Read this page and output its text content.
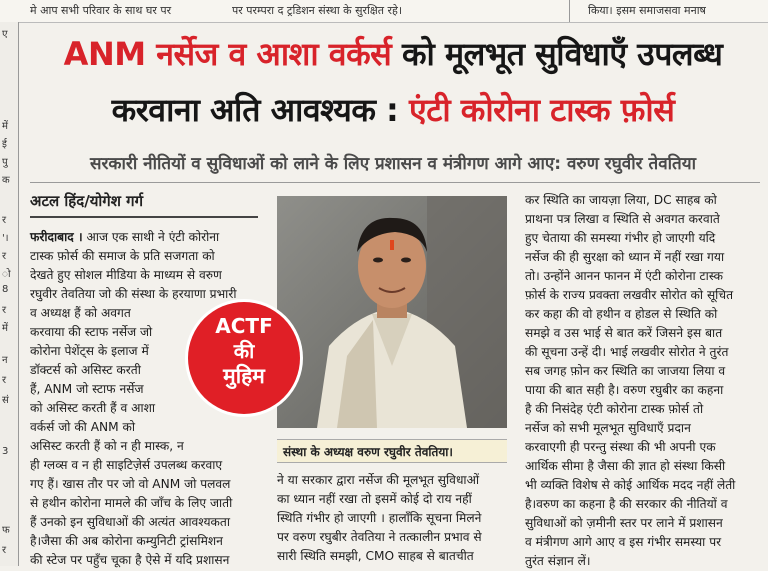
मे आप सभी परिवार के साथ घर पर	पर परम्परा द ट्रडिशन संस्था के सुरक्षित रहे।	किया। इसम समाजसवा मनाष
ए
में
ई
पु
क
र
'।
र
ो
8
र
में
न
र
सं
3
फ
र
ANM नर्सेज व आशा वर्कर्स को मूलभूत सुविधाएँ उपलब्ध
करवाना अति आवश्यक : एंटी कोरोना टास्क फ़ोर्स
सरकारी नीतियों व सुविधाओं को लाने के लिए प्रशासन व मंत्रीगण आगे आए: वरुण रघुवीर तेवतिया
अटल हिंद/योगेश गर्ग
फरीदाबाद । आज एक साथी ने एंटी कोरोना
टास्क फ़ोर्स की समाज के प्रति सजगता को
देखते हुए सोशल मीडिया के माध्यम से वरुण
रघुवीर तेवतिया जो की संस्था के हरयाणा प्रभारी
व अध्यक्ष हैं को अवगत
करवाया की स्टाफ नर्सेज जो
कोरोना पेशेंट्स के इलाज में
डॉक्टर्स को असिस्ट करती
हैं, ANM जो स्टाफ नर्सेज
को असिस्ट करती हैं व आशा
वर्कर्स जो की ANM को
असिस्ट करती हैं को न ही मास्क, न
ही ग्लव्स व न ही साइटिज़ेर्स उपलब्ध करवाए
गए हैं। खास तौर पर जो वो ANM जो पलवल
से हथीन कोरोना मामले की जाँच के लिए जाती
हैं उनको इन सुविधाओं की अत्यंत आवश्यकता
है।जैसा की अब कोरोना कम्युनिटी ट्रांसमिशन
की स्टेज पर पहुँच चूका है ऐसे में यदि प्रशासन
ACTF
की
मुहिम
संस्था के अध्यक्ष वरुण रघुवीर तेवतिया।
ने या सरकार द्वारा नर्सेज की मूलभूत सुविधाओं
का ध्यान नहीं रखा तो इसमें कोई दो राय नहीं
स्थिति गंभीर हो जाएगी । हालाँकि सूचना मिलने
पर वरुण रघुबीर तेवतिया ने तत्कालीन प्रभाव से
सारी स्थिति समझी, CMO साहब से बातचीत
कर स्थिति का जायज़ा लिया, DC साहब को
प्राथना पत्र लिखा व स्थिति से अवगत करवाते
हुए चेताया की समस्या गंभीर हो जाएगी यदि
नर्सेज की ही सुरक्षा को ध्यान में नहीं रखा गया
तो। उन्होंने आनन फानन में एंटी कोरोना टास्क
फ़ोर्स के राज्य प्रवक्ता लखवीर सोरोत को सूचित
कर कहा की वो हथीन व होडल से स्थिति को
समझे व उस भाई से बात करें जिसने इस बात
की सूचना उन्हें दी। भाई लखवीर सोरोत ने तुरंत
सब जगह फ़ोन कर स्थिति का जाजया लिया व
पाया की बात सही है। वरुण रघुबीर का कहना
है की निसंदेह एंटी कोरोना टास्क फ़ोर्स तो
नर्सेज को सभी मूलभूत सुविधाएँ प्रदान
करवाएगी ही परन्तु संस्था की भी अपनी एक
आर्थिक सीमा है जैसा की ज्ञात हो संस्था किसी
भी व्यक्ति विशेष से कोई आर्थिक मदद नहीं लेती
है।वरुण का कहना है की सरकार की नीतियों व
सुविधाओं को ज़मीनी स्तर पर लाने में प्रशासन
व मंत्रीगण आगे आए व इस गंभीर समस्या पर
तुरंत संज्ञान लें।
